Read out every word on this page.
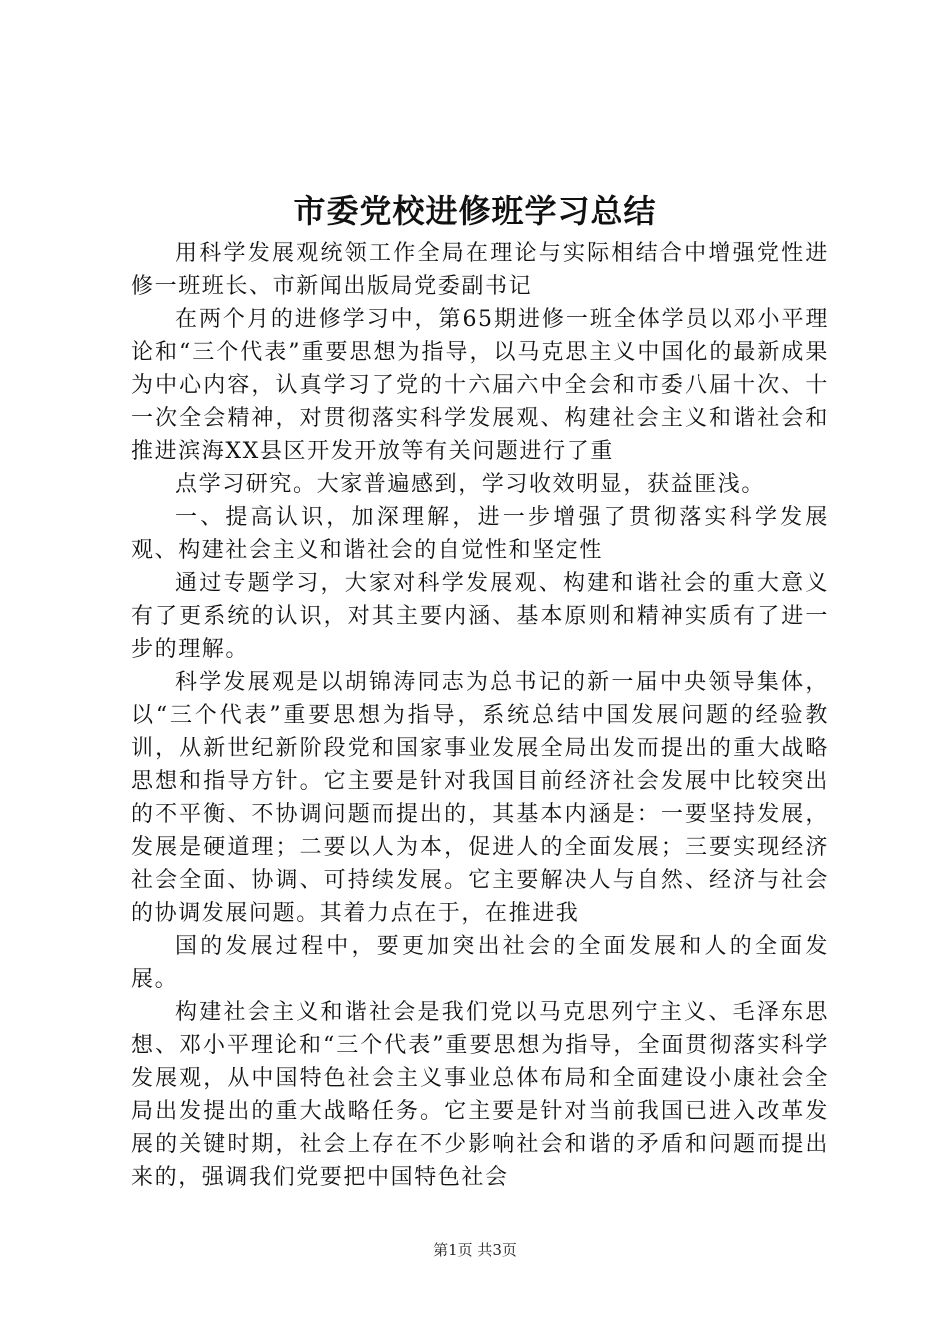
市委党校进修班学习总结

用科学发展观统领工作全局在理论与实际相结合中增强党性进修一班班长、市新闻出版局党委副书记

在两个月的进修学习中，第65期进修一班全体学员以邓小平理论和“三个代表”重要思想为指导，以马克思主义中国化的最新成果为中心内容，认真学习了党的十六届六中全会和市委八届十次、十一次全会精神，对贯彻落实科学发展观、构建社会主义和谐社会和推进滨海XX县区开发开放等有关问题进行了重

点学习研究。大家普遍感到，学习收效明显，获益匪浅。

一、提高认识，加深理解，进一步增强了贯彻落实科学发展观、构建社会主义和谐社会的自觉性和坚定性

通过专题学习，大家对科学发展观、构建和谐社会的重大意义有了更系统的认识，对其主要内涵、基本原则和精神实质有了进一步的理解。

科学发展观是以胡锦涛同志为总书记的新一届中央领导集体，以“三个代表”重要思想为指导，系统总结中国发展问题的经验教训，从新世纪新阶段党和国家事业发展全局出发而提出的重大战略思想和指导方针。它主要是针对我国目前经济社会发展中比较突出的不平衡、不协调问题而提出的，其基本内涵是：一要坚持发展，发展是硬道理；二要以人为本，促进人的全面发展；三要实现经济社会全面、协调、可持续发展。它主要解决人与自然、经济与社会的协调发展问题。其着力点在于，在推进我

国的发展过程中，要更加突出社会的全面发展和人的全面发展。

构建社会主义和谐社会是我们党以马克思列宁主义、毛泽东思想、邓小平理论和“三个代表”重要思想为指导，全面贯彻落实科学发展观，从中国特色社会主义事业总体布局和全面建设小康社会全局出发提出的重大战略任务。它主要是针对当前我国已进入改革发展的关键时期，社会上存在不少影响社会和谐的矛盾和问题而提出来的，强调我们党要把中国特色社会

第1页 共3页
